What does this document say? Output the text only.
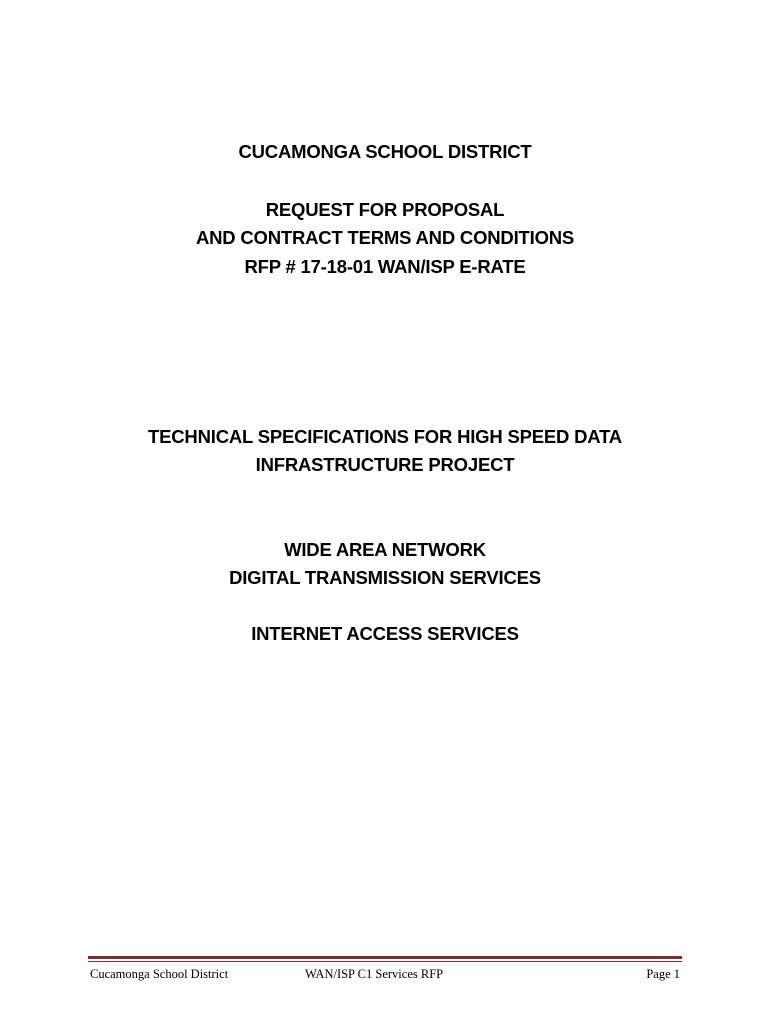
CUCAMONGA SCHOOL DISTRICT
REQUEST FOR PROPOSAL
AND CONTRACT TERMS AND CONDITIONS
RFP # 17-18-01 WAN/ISP E-RATE
TECHNICAL SPECIFICATIONS FOR HIGH SPEED DATA
INFRASTRUCTURE PROJECT
WIDE AREA NETWORK
DIGITAL TRANSMISSION SERVICES
INTERNET ACCESS SERVICES
Cucamonga School District	WAN/ISP C1 Services RFP	Page 1
